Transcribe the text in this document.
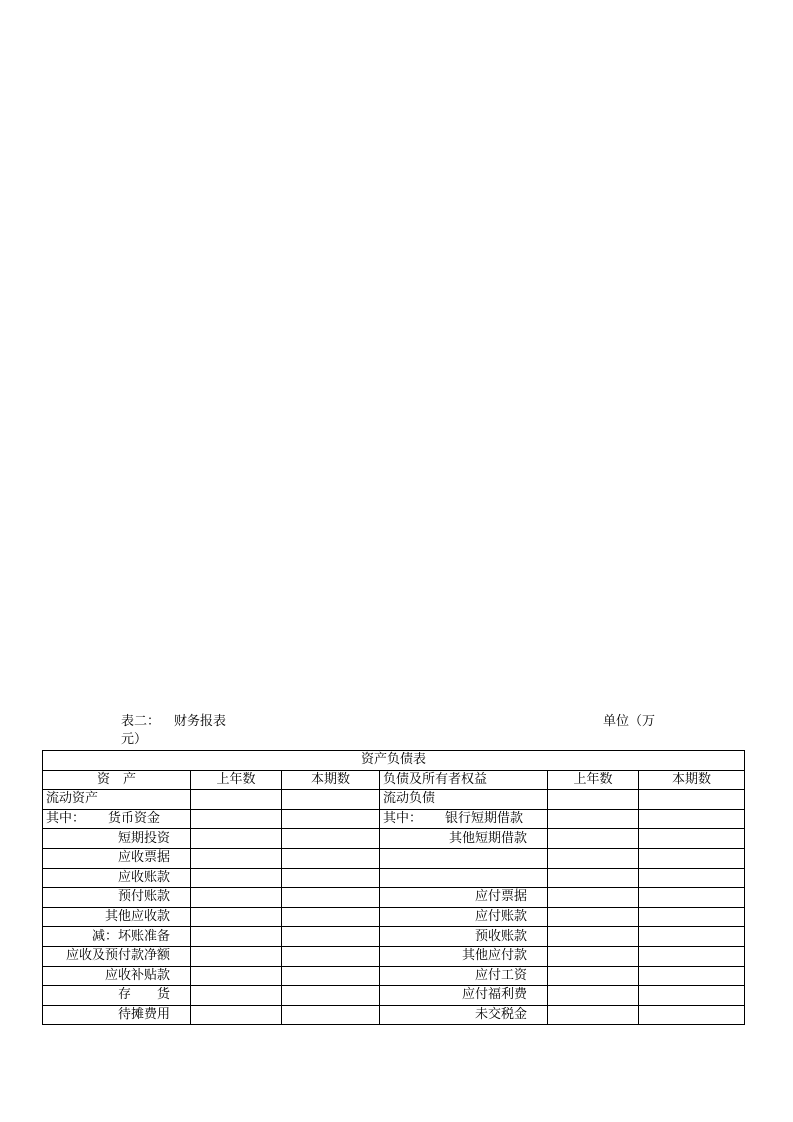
表二： 财务报表	单位（万
元）
资产负债表					
资　产	上年数	本期数	负债及所有者权益	上年数	本期数
流动资产			流动负债		
其中： 货币资金			其中： 银行短期借款		
短期投资			其他短期借款		
应收票据					
应收账款					
预付账款			应付票据		
其他应收款			应付账款		
减：坏账准备			预收账款		
应收及预付款净额			其他应付款		
应收补贴款			应付工资		
存　　货			应付福利费		
待摊费用			未交税金		
